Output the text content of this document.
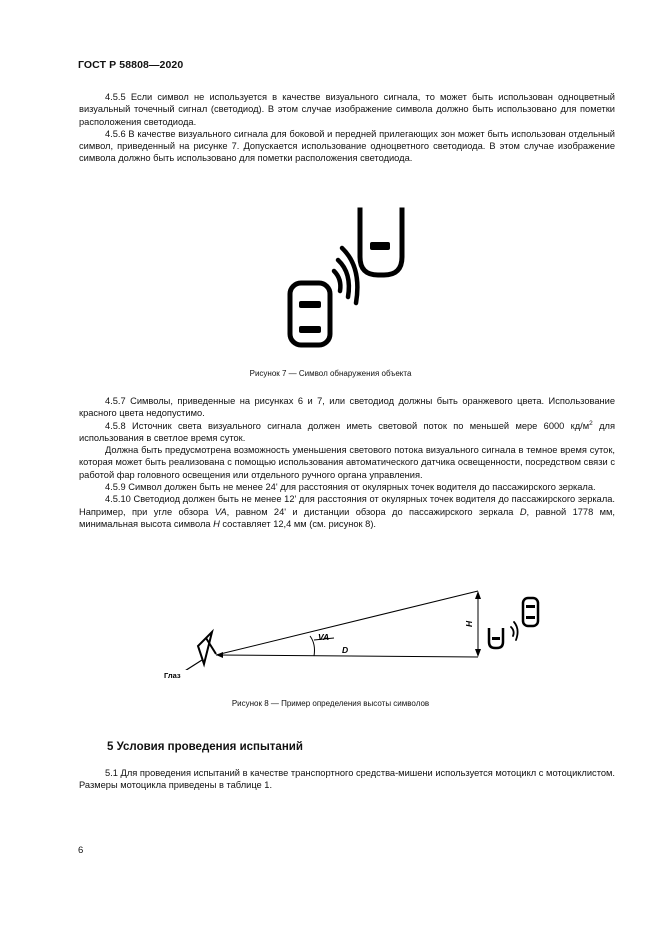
ГОСТ Р 58808—2020

4.5.5 Если символ не используется в качестве визуального сигнала, то может быть использован одноцветный визуальный точечный сигнал (светодиод). В этом случае изображение символа должно быть использовано для пометки расположения светодиода.

4.5.6 В качестве визуального сигнала для боковой и передней прилегающих зон может быть использован отдельный символ, приведенный на рисунке 7. Допускается использование одноцветного светодиода. В этом случае изображение символа должно быть использовано для пометки расположения светодиода.

Рисунок 7 — Символ обнаружения объекта

4.5.7 Символы, приведенные на рисунках 6 и 7, или светодиод должны быть оранжевого цвета. Использование красного цвета недопустимо.

4.5.8 Источник света визуального сигнала должен иметь световой поток по меньшей мере 6000 $кд/м^2$ для использования в светлое время суток.

Должна быть предусмотрена возможность уменьшения светового потока визуального сигнала в темное время суток, которая может быть реализована с помощью использования автоматического датчика освещенности, посредством связи с работой фар головного освещения или отдельного ручного органа управления.

4.5.9 Символ должен быть не менее 24' для расстояния от окулярных точек водителя до пассажирского зеркала.

4.5.10 Светодиод должен быть не менее 12' для расстояния от окулярных точек водителя до пассажирского зеркала. Например, при угле обзора VA, равном 24' и дистанции обзора до пассажирского зеркала D, равной 1778 мм, минимальная высота символа H составляет 12,4 мм (см. рисунок 8).

Глаз
VA
D
H
Рисунок 8 — Пример определения высоты символов
5 Условия проведения испытаний

5.1 Для проведения испытаний в качестве транспортного средства-мишени используется мотоцикл с мотоциклистом. Размеры мотоцикла приведены в таблице 1.

6
